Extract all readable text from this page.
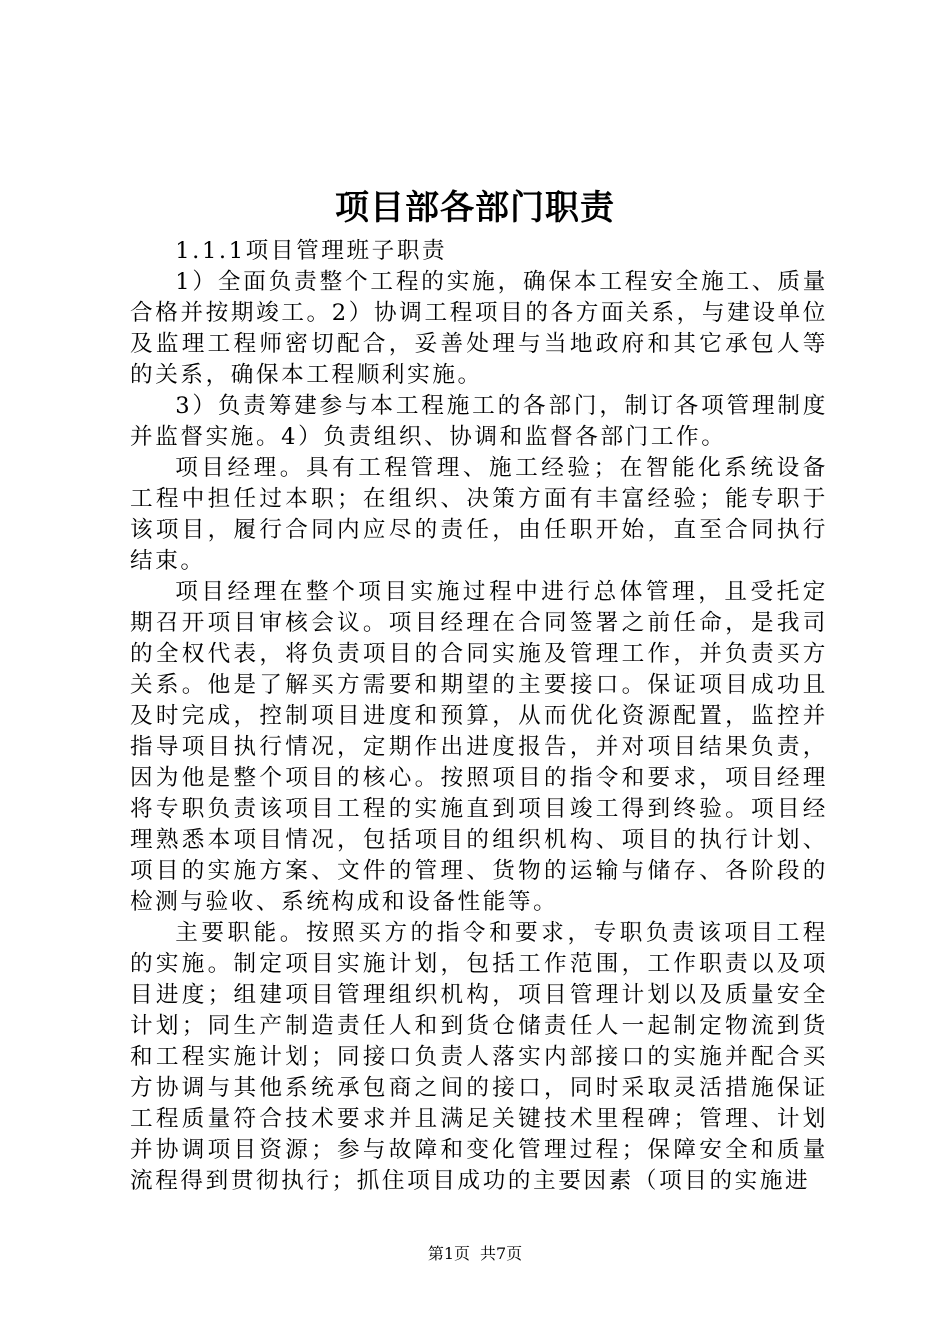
项目部各部门职责

1.1.1项目管理班子职责

1）全面负责整个工程的实施，确保本工程安全施工、质量合格并按期竣工。2）协调工程项目的各方面关系，与建设单位及监理工程师密切配合，妥善处理与当地政府和其它承包人等的关系，确保本工程顺利实施。

3）负责筹建参与本工程施工的各部门，制订各项管理制度并监督实施。4）负责组织、协调和监督各部门工作。

项目经理。具有工程管理、施工经验；在智能化系统设备工程中担任过本职；在组织、决策方面有丰富经验；能专职于该项目，履行合同内应尽的责任，由任职开始，直至合同执行结束。

项目经理在整个项目实施过程中进行总体管理，且受托定期召开项目审核会议。项目经理在合同签署之前任命，是我司的全权代表，将负责项目的合同实施及管理工作，并负责买方关系。他是了解买方需要和期望的主要接口。保证项目成功且及时完成，控制项目进度和预算，从而优化资源配置，监控并指导项目执行情况，定期作出进度报告，并对项目结果负责，因为他是整个项目的核心。按照项目的指令和要求，项目经理将专职负责该项目工程的实施直到项目竣工得到终验。项目经理熟悉本项目情况，包括项目的组织机构、项目的执行计划、项目的实施方案、文件的管理、货物的运输与储存、各阶段的检测与验收、系统构成和设备性能等。

主要职能。按照买方的指令和要求，专职负责该项目工程的实施。制定项目实施计划，包括工作范围，工作职责以及项目进度；组建项目管理组织机构，项目管理计划以及质量安全计划；同生产制造责任人和到货仓储责任人一起制定物流到货和工程实施计划；同接口负责人落实内部接口的实施并配合买方协调与其他系统承包商之间的接口，同时采取灵活措施保证工程质量符合技术要求并且满足关键技术里程碑；管理、计划并协调项目资源；参与故障和变化管理过程；保障安全和质量流程得到贯彻执行；抓住项目成功的主要因素（项目的实施进

第1页 共7页
